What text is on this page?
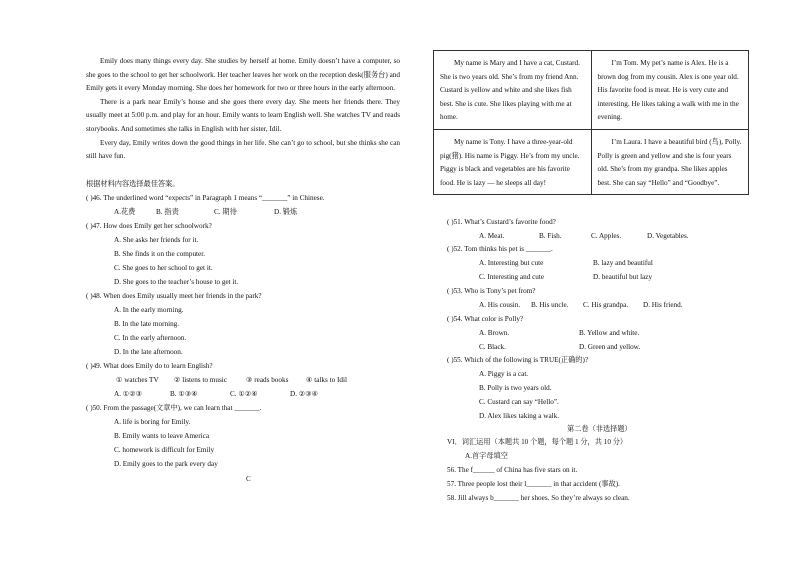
Emily does many things every day. She studies by herself at home. Emily doesn’t have a computer, so she goes to the school to get her schoolwork. Her teacher leaves her work on the reception desk(服务台) and Emily gets it every Monday morning. She does her homework for two or three hours in the early afternoon.

There is a park near Emily’s house and she goes there every day. She meets her friends there. They usually meet at 5:00 p.m. and play for an hour. Emily wants to learn English well. She watches TV and reads storybooks. And sometimes she talks in English with her sister, Idil.

Every day, Emily writes down the good things in her life. She can’t go to school, but she thinks she can still have fun.

根据材料内容选择最佳答案。
( )46. The underlined word “expects” in Paragraph 1 means “_______” in Chinese.
A.花费	B. 指责	C. 期待	D. 锻炼
( )47. How does Emily get her schoolwork?
A. She asks her friends for it.
B. She finds it on the computer.
C. She goes to her school to get it.
D. She goes to the teacher’s house to get it.
( )48. When does Emily usually meet her friends in the park?
A. In the early morning.
B. In the late morning.
C. In the early afternoon.
D. In the late afternoon.
( )49. What does Emily do to learn English?
① watches TV ② listens to music	③ reads books ④ talks to Idil
A. ①②③	B. ①③④	C. ①②④	D. ②③④
( )50. From the passage(文章中), we can learn that _______.
A. life is boring for Emily.
B. Emily wants to leave America
C. homework is difficult for Emily
D. Emily goes to the park every day
C

My name is Mary and I have a cat, Custard. She is two years old. She’s from my friend Ann. Custard is yellow and white and she likes fish best. She is cute. She likes playing with me at home.	I’m Tom. My pet’s name is Alex. He is a brown dog from my cousin. Alex is one year old. His favorite food is meat. He is very cute and interesting. He likes taking a walk with me in the evening.

My name is Tony. I have a three-year-old pig(猪). His name is Piggy. He’s from my uncle. Piggy is black and vegetables are his favorite food. He is lazy — he sleeps all day!	I’m Laura. I have a beautiful bird (鸟), Polly. Polly is green and yellow and she is four years old. She’s from my grandpa. She likes apples best. She can say “Hello” and “Goodbye”.

( )51. What’s Custard’s favorite food?
A. Meat.	B. Fish.	C. Apples.	D. Vegetables.
( )52. Tom thinks his pet is _______.
A. Interesting but cute	B. lazy and beautiful
C. Interesting and cute	D. beautiful but lazy
( )53. Who is Tony’s pet from?
A. His cousin. B. His uncle. C. His grandpa. D. His friend.
( )54. What color is Polly?
A. Brown.	B. Yellow and white.
C. Black.	D. Green and yellow.
( )55. Which of the following is TRUE(正确的)?
A. Piggy is a cat.
B. Polly is two years old.
C. Custard can say “Hello”.
D. Alex likes taking a walk.
第二卷（非选择题）
VI．词汇运用（本题共 10 个题，每个题 1 分，共 10 分）
A.首字母填空
56. The f______ of China has five stars on it.
57. Three people lost their l_______ in that accident (事故).
58. Jill always b_______ her shoes. So they’re always so clean.
